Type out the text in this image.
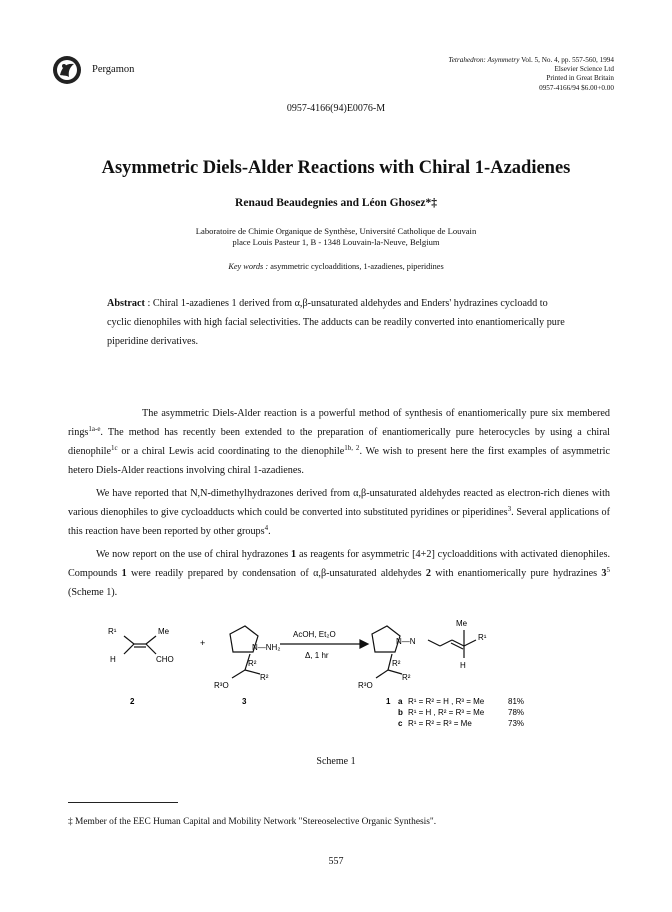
Pergamon
Tetrahedron: Asymmetry Vol. 5, No. 4, pp. 557-560, 1994
Elsevier Science Ltd
Printed in Great Britain
0957-4166/94 $6.00+0.00
0957-4166(94)E0076-M
Asymmetric Diels-Alder Reactions with Chiral 1-Azadienes
Renaud Beaudegnies and Léon Ghosez*‡
Laboratoire de Chimie Organique de Synthèse, Université Catholique de Louvain
place Louis Pasteur 1, B - 1348 Louvain-la-Neuve, Belgium
Key words : asymmetric cycloadditions, 1-azadienes, piperidines
Abstract : Chiral 1-azadienes 1 derived from α,β-unsaturated aldehydes and Enders' hydrazines cycloadd to cyclic dienophiles with high facial selectivities. The adducts can be readily converted into enantiomerically pure piperidine derivatives.

The asymmetric Diels-Alder reaction is a powerful method of synthesis of enantiomerically pure six membered rings$^{1a-e}$. The method has recently been extended to the preparation of enantiomerically pure heterocycles by using a chiral dienophile$^{1c}$ or a chiral Lewis acid coordinating to the dienophile$^{1b, 2}$. We wish to present here the first examples of asymmetric hetero Diels-Alder reactions involving chiral 1-azadienes.

We have reported that N,N-dimethylhydrazones derived from α,β-unsaturated aldehydes reacted as electron-rich dienes with various dienophiles to give cycloadducts which could be converted into substituted pyridines or piperidines$^3$. Several applications of this reaction have been reported by other groups$^4$.

We now report on the use of chiral hydrazones 1 as reagents for asymmetric [4+2] cycloadditions with activated dienophiles. Compounds 1 were readily prepared by condensation of α,β-unsaturated aldehydes 2 with enantiomerically pure hydrazines $3^5$ (Scheme 1).

R¹	Me
H	CHO
2
+	N—NH₂
R²
R²
R³O
3
AcOH, Et₂O
Δ, 1 hr
N—N
Me
R¹
H
R²
R²
R³O
1 a R¹ = R² = H , R³ = Me	81%
b R¹ = H , R² = R³ = Me	78%
c R¹ = R² = R³ = Me	73%
Scheme 1
‡ Member of the EEC Human Capital and Mobility Network "Stereoselective Organic Synthesis".
557
